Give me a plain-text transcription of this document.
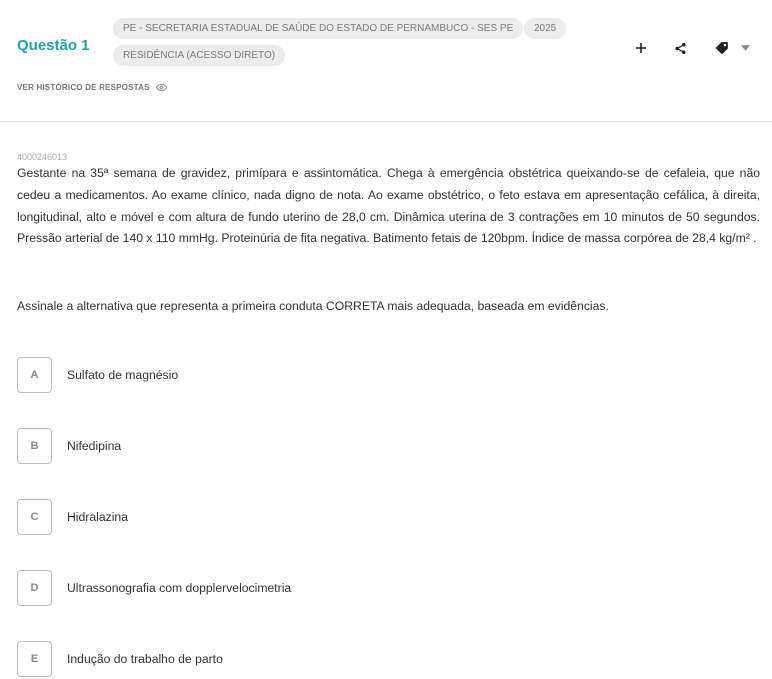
Questão 1
PE - SECRETARIA ESTADUAL DE SAÚDE DO ESTADO DE PERNAMBUCO - SES PE	2025
RESIDÊNCIA (ACESSO DIRETO)
VER HISTÓRICO DE RESPOSTAS
4000246013

Gestante na 35ª semana de gravidez, primípara e assintomática. Chega à emergência obstétrica queixando-se de cefaleia, que não cedeu a medicamentos. Ao exame clínico, nada digno de nota. Ao exame obstétrico, o feto estava em apresentação cefálica, à direita, longitudinal, alto e móvel e com altura de fundo uterino de 28,0 cm. Dinâmica uterina de 3 contrações em 10 minutos de 50 segundos. Pressão arterial de 140 x 110 mmHg. Proteinúria de fita negativa. Batimento fetais de 120bpm. Índice de massa corpórea de 28,4 kg/m² .

Assinale a alternativa que representa a primeira conduta CORRETA mais adequada, baseada em evidências.

A	Sulfato de magnésio
B	Nifedipina
C	Hidralazina
D	Ultrassonografia com dopplervelocimetria
E	Indução do trabalho de parto
